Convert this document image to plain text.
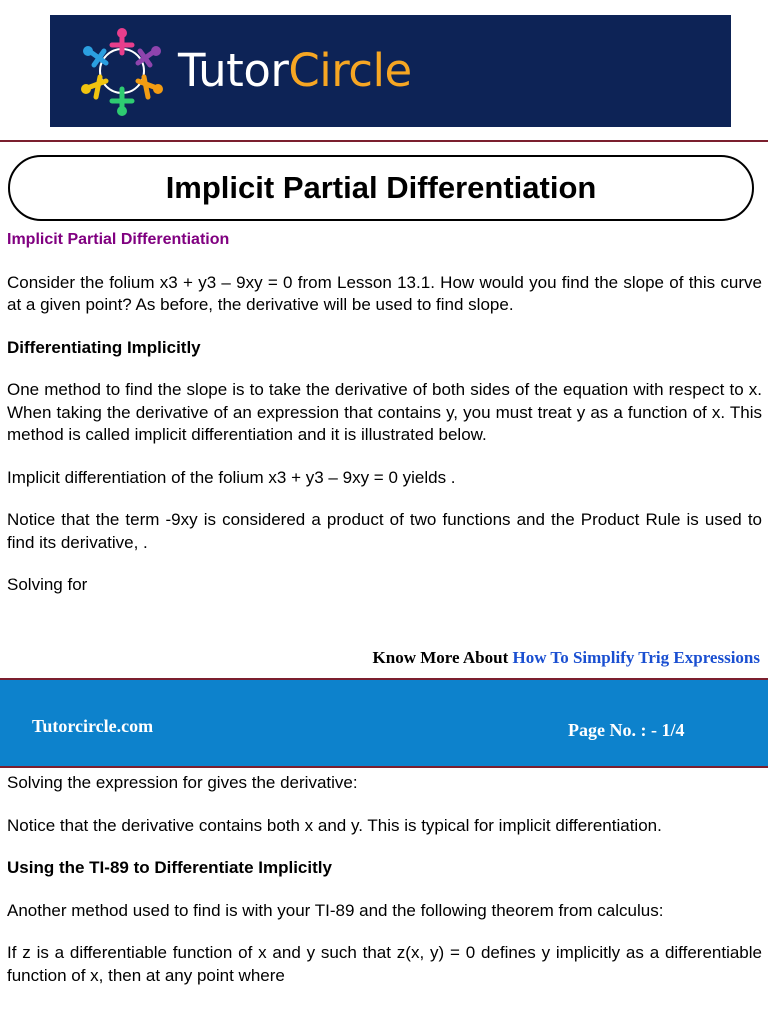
TutorCircle
Implicit Partial Differentiation

Implicit Partial Differentiation

Consider the folium x3 + y3 – 9xy = 0 from Lesson 13.1. How would you find the slope of this curve at a given point? As before, the derivative will be used to find slope.

Differentiating Implicitly

One method to find the slope is to take the derivative of both sides of the equation with respect to x. When taking the derivative of an expression that contains y, you must treat y as a function of x. This method is called implicit differentiation and it is illustrated below.

Implicit differentiation of the folium x3 + y3 – 9xy = 0 yields .

Notice that the term -9xy is considered a product of two functions and the Product Rule is used to find its derivative, .

Solving for

Know More About How To Simplify Trig Expressions
Tutorcircle.com	Page No. : - 1/4

Solving the expression for gives the derivative:

Notice that the derivative contains both x and y. This is typical for implicit differentiation.

Using the TI-89 to Differentiate Implicitly

Another method used to find is with your TI-89 and the following theorem from calculus:

If z is a differentiable function of x and y such that z(x, y) = 0 defines y implicitly as a differentiable function of x, then at any point where
